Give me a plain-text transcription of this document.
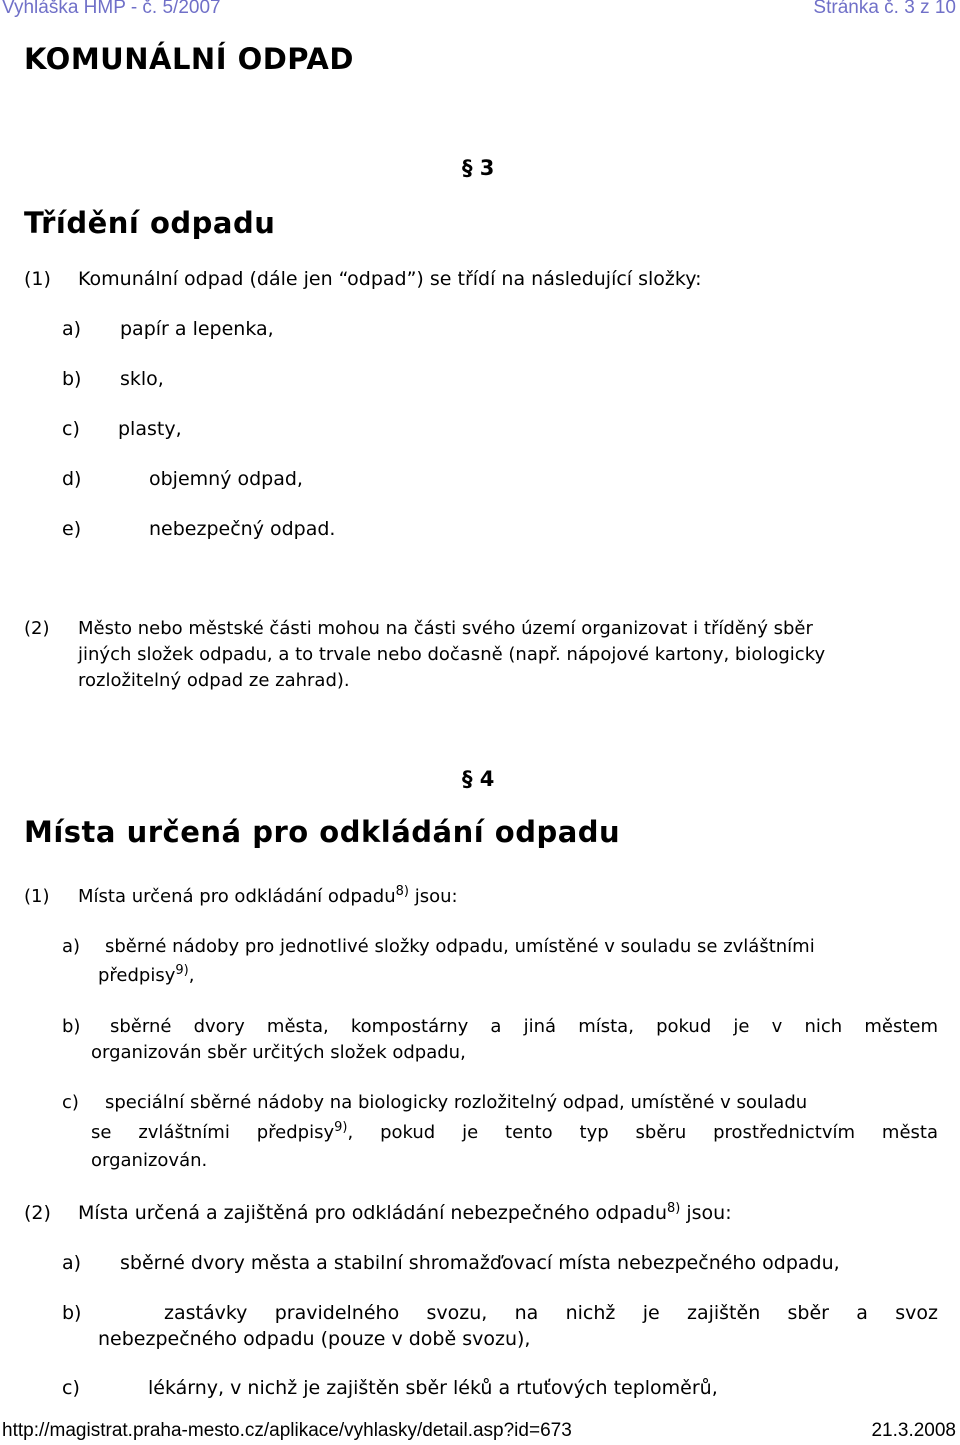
Vyhláška HMP - č. 5/2007	Stránka č. 3 z 10
KOMUNÁLNÍ ODPAD
§ 3
Třídění odpadu
(1) Komunální odpad (dále jen “odpad”) se třídí na následující složky:
a) papír a lepenka,
b) sklo,
c) plasty,
d)	objemný odpad,
e)	nebezpečný odpad.
(2) Město nebo městské části mohou na části svého území organizovat i tříděný sběr
jiných složek odpadu, a to trvale nebo dočasně (např. nápojové kartony, biologicky
rozložitelný odpad ze zahrad).
§ 4
Místa určená pro odkládání odpadu
(1) Místa určená pro odkládání odpadu$^{8)}$ jsou:
a) sběrné nádoby pro jednotlivé složky odpadu, umístěné v souladu se zvláštními
předpisy$^{9)}$,
b) sběrné dvory města, kompostárny a jiná místa, pokud je v nich městem
organizován sběr určitých složek odpadu,
c) speciální sběrné nádoby na biologicky rozložitelný odpad, umístěné v souladu
se zvláštními předpisy$^{9)}$, pokud je tento typ sběru prostřednictvím města
organizován.
(2) Místa určená a zajištěná pro odkládání nebezpečného odpadu$^{8)}$ jsou:
a) sběrné dvory města a stabilní shromažďovací místa nebezpečného odpadu,
b)	zastávky pravidelného svozu, na nichž je zajištěn sběr a svoz
nebezpečného odpadu (pouze v době svozu),
c)	lékárny, v nichž je zajištěn sběr léků a rtuťových teploměrů,
http://magistrat.praha-mesto.cz/aplikace/vyhlasky/detail.asp?id=673	21.3.2008
